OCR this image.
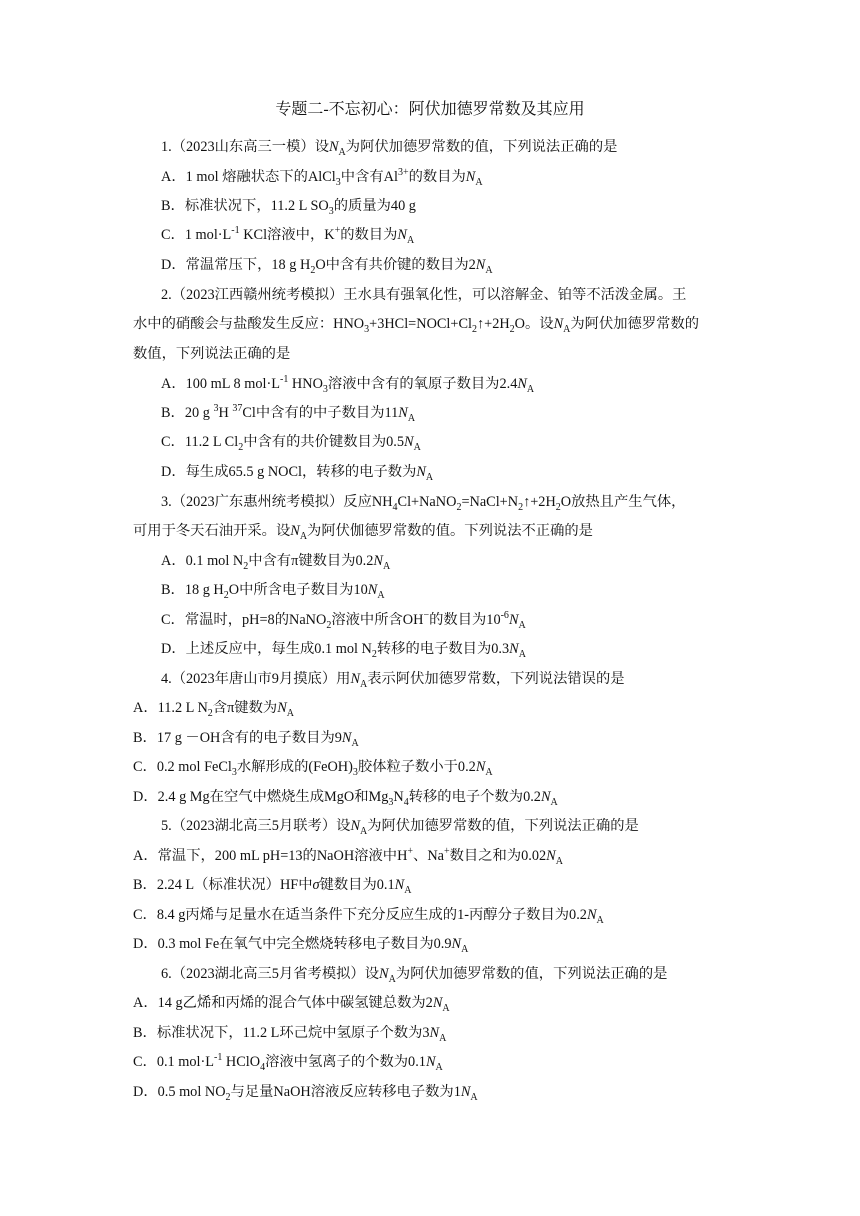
专题二-不忘初心：阿伏加德罗常数及其应用
1.（2023山东高三一模）设$N_A$为阿伏加德罗常数的值，下列说法正确的是
A．1 mol 熔融状态下的AlCl$_3$中含有$Al^{3+}$的数目为$N_A$
B．标准状况下，11.2 L $SO_3$的质量为40 g
C．1 $mol\cdot L^{-1}$ KCl溶液中，K+的数目为$N_A$
D．常温常压下，18 g $H_2O$中含有共价键的数目为$2N_A$
2.（2023江西赣州统考模拟）王水具有强氧化性，可以溶解金、铂等不活泼金属。王
水中的硝酸会与盐酸发生反应：$HNO_3+3HCl=NOCl+Cl_2↑+2H_2O$。设$N_A$为阿伏加德罗常数的
数值，下列说法正确的是
A．100 mL 8 $mol\cdot L^{-1}$ $HNO_3$溶液中含有的氧原子数目为$2.4N_A$
B．20 g $^3$H $^{37}$Cl中含有的中子数目为$11N_A$
C．11.2 L $Cl_2$中含有的共价键数目为$0.5N_A$
D．每生成65.5 g NOCl，转移的电子数为$N_A$
3.（2023广东惠州统考模拟）反应$NH_4Cl+NaNO_2=NaCl+N_2↑+2H_2O$放热且产生气体，
可用于冬天石油开采。设$N_A$为阿伏伽德罗常数的值。下列说法不正确的是
A．0.1 mol $N_2$中含有π键数目为$0.2N_A$
B．18 g $H_2O$中所含电子数目为$10N_A$
C．常温时，pH=8的NaNO$_2$溶液中所含OH−的数目为$10^{-6}N_A$
D．上述反应中，每生成0.1 mol $N_2$转移的电子数目为$0.3N_A$
4.（2023年唐山市9月摸底）用$N_A$表示阿伏加德罗常数，下列说法错误的是
A．11.2 L $N_2$含π键数为$N_A$
B．17 g －OH含有的电子数目为$9N_A$
C．0.2 mol FeCl$_3$水解形成的$(FeOH)_3$胶体粒子数小于$0.2N_A$
D．2.4 g Mg在空气中燃烧生成MgO和$Mg_3N_4$转移的电子个数为$0.2N_A$
5.（2023湖北高三5月联考）设$N_A$为阿伏加德罗常数的值，下列说法正确的是
A．常温下，200 mL pH=13的NaOH溶液中H+、Na+数目之和为$0.02N_A$
B．2.24 L（标准状况）HF中σ键数目为$0.1N_A$
C．8.4 g丙烯与足量水在适当条件下充分反应生成的1-丙醇分子数目为$0.2N_A$
D．0.3 mol Fe在氧气中完全燃烧转移电子数目为$0.9N_A$
6.（2023湖北高三5月省考模拟）设$N_A$为阿伏加德罗常数的值，下列说法正确的是
A．14 g乙烯和丙烯的混合气体中碳氢键总数为$2N_A$
B．标准状况下，11.2 L环己烷中氢原子个数为$3N_A$
C．0.1 $mol\cdot L^{-1}$ HClO$_4$溶液中氢离子的个数为$0.1N_A$
D．0.5 mol $NO_2$与足量NaOH溶液反应转移电子数为$1N_A$
